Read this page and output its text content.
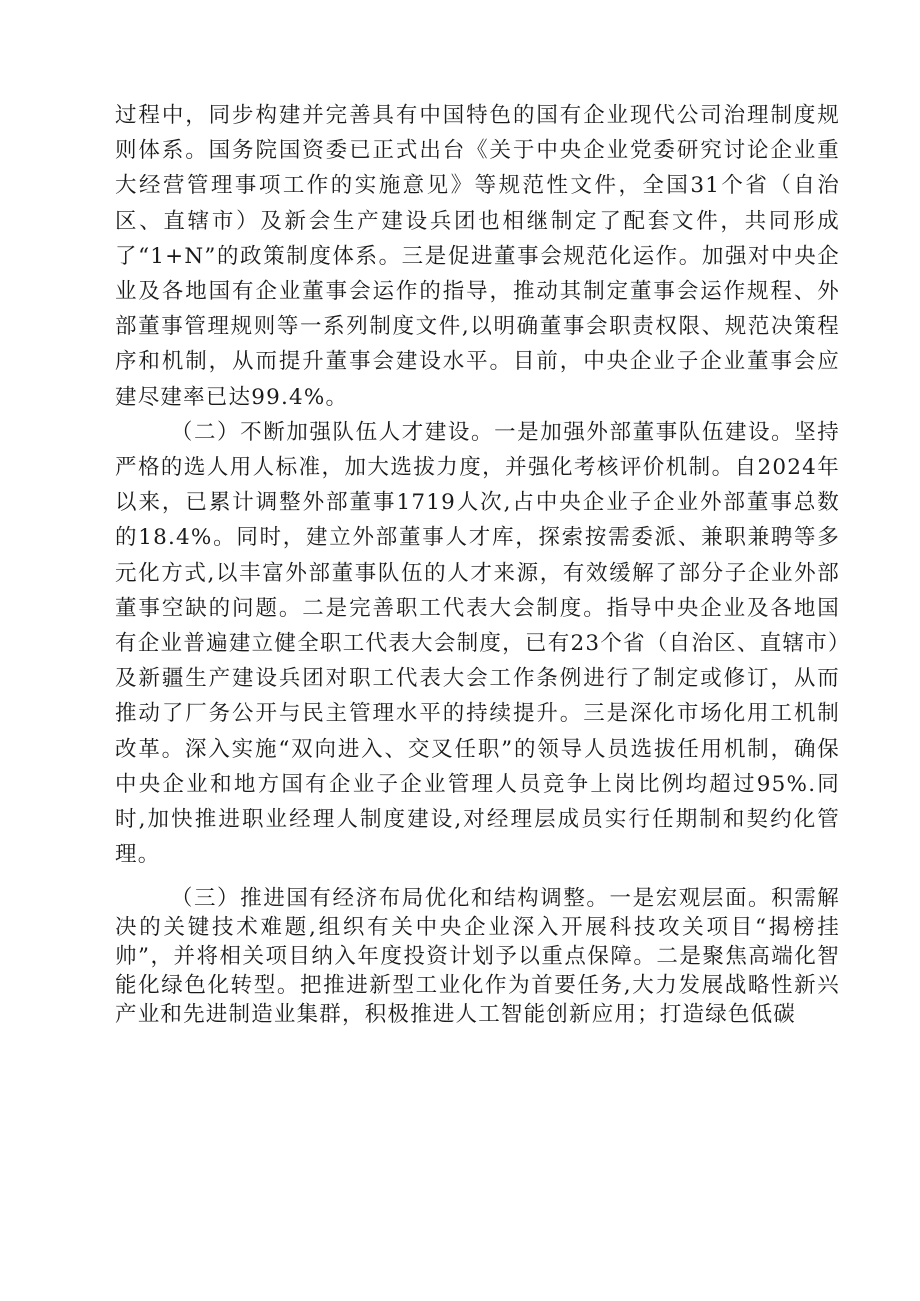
过程中，同步构建并完善具有中国特色的国有企业现代公司治理制度规则体系。国务院国资委已正式出台《关于中央企业党委研究讨论企业重大经营管理事项工作的实施意见》等规范性文件，全国31个省（自治区、直辖市）及新会生产建设兵团也相继制定了配套文件，共同形成了“1+N”的政策制度体系。三是促进董事会规范化运作。加强对中央企业及各地国有企业董事会运作的指导，推动其制定董事会运作规程、外部董事管理规则等一系列制度文件,以明确董事会职责权限、规范决策程序和机制，从而提升董事会建设水平。目前，中央企业子企业董事会应建尽建率已达99.4%。

（二）不断加强队伍人才建设。一是加强外部董事队伍建设。坚持严格的选人用人标准，加大选拔力度，并强化考核评价机制。自2024年以来，已累计调整外部董事1719人次,占中央企业子企业外部董事总数的18.4%。同时，建立外部董事人才库，探索按需委派、兼职兼聘等多元化方式,以丰富外部董事队伍的人才来源，有效缓解了部分子企业外部董事空缺的问题。二是完善职工代表大会制度。指导中央企业及各地国有企业普遍建立健全职工代表大会制度，已有23个省（自治区、直辖市）及新疆生产建设兵团对职工代表大会工作条例进行了制定或修订，从而推动了厂务公开与民主管理水平的持续提升。三是深化市场化用工机制改革。深入实施“双向进入、交叉任职”的领导人员选拔任用机制，确保中央企业和地方国有企业子企业管理人员竞争上岗比例均超过95%.同时,加快推进职业经理人制度建设,对经理层成员实行任期制和契约化管理。

（三）推进国有经济布局优化和结构调整。一是宏观层面。积需解决的关键技术难题,组织有关中央企业深入开展科技攻关项目“揭榜挂帅”，并将相关项目纳入年度投资计划予以重点保障。二是聚焦高端化智能化绿色化转型。把推进新型工业化作为首要任务,大力发展战略性新兴产业和先进制造业集群，积极推进人工智能创新应用；打造绿色低碳
